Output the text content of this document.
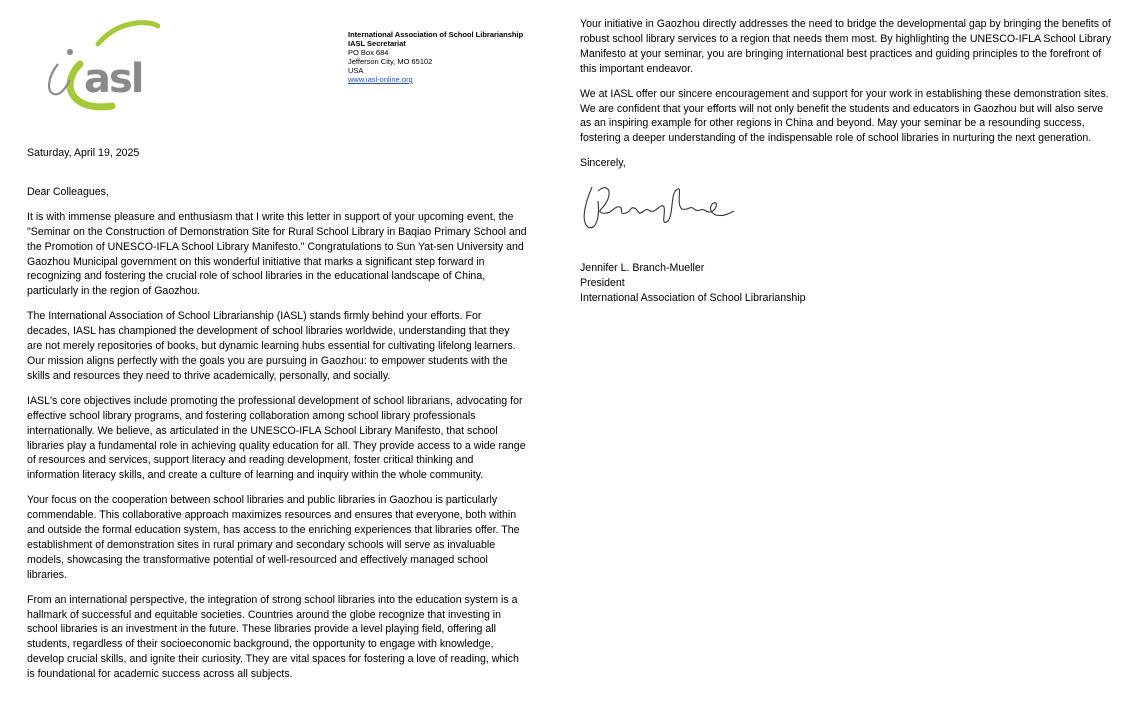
asl
International Association of School Librarianship
IASL Secretariat
PO Box 684
Jefferson City, MO 65102
USA
www.iasl-online.org

Saturday, April 19, 2025

Dear Colleagues,

It is with immense pleasure and enthusiasm that I write this letter in support of your upcoming event, the "Seminar on the Construction of Demonstration Site for Rural School Library in Baqiao Primary School and the Promotion of UNESCO-IFLA School Library Manifesto." Congratulations to Sun Yat-sen University and Gaozhou Municipal government on this wonderful initiative that marks a significant step forward in recognizing and fostering the crucial role of school libraries in the educational landscape of China, particularly in the region of Gaozhou.

The International Association of School Librarianship (IASL) stands firmly behind your efforts. For decades, IASL has championed the development of school libraries worldwide, understanding that they are not merely repositories of books, but dynamic learning hubs essential for cultivating lifelong learners. Our mission aligns perfectly with the goals you are pursuing in Gaozhou: to empower students with the skills and resources they need to thrive academically, personally, and socially.

IASL's core objectives include promoting the professional development of school librarians, advocating for effective school library programs, and fostering collaboration among school library professionals internationally. We believe, as articulated in the UNESCO-IFLA School Library Manifesto, that school libraries play a fundamental role in achieving quality education for all. They provide access to a wide range of resources and services, support literacy and reading development, foster critical thinking and information literacy skills, and create a culture of learning and inquiry within the whole community.

Your focus on the cooperation between school libraries and public libraries in Gaozhou is particularly commendable. This collaborative approach maximizes resources and ensures that everyone, both within and outside the formal education system, has access to the enriching experiences that libraries offer. The establishment of demonstration sites in rural primary and secondary schools will serve as invaluable models, showcasing the transformative potential of well-resourced and effectively managed school libraries.

From an international perspective, the integration of strong school libraries into the education system is a hallmark of successful and equitable societies. Countries around the globe recognize that investing in school libraries is an investment in the future. These libraries provide a level playing field, offering all students, regardless of their socioeconomic background, the opportunity to engage with knowledge, develop crucial skills, and ignite their curiosity. They are vital spaces for fostering a love of reading, which is foundational for academic success across all subjects.

Your initiative in Gaozhou directly addresses the need to bridge the developmental gap by bringing the benefits of robust school library services to a region that needs them most. By highlighting the UNESCO-IFLA School Library Manifesto at your seminar, you are bringing international best practices and guiding principles to the forefront of this important endeavor.

We at IASL offer our sincere encouragement and support for your work in establishing these demonstration sites. We are confident that your efforts will not only benefit the students and educators in Gaozhou but will also serve as an inspiring example for other regions in China and beyond. May your seminar be a resounding success, fostering a deeper understanding of the indispensable role of school libraries in nurturing the next generation.

Sincerely,

Jennifer L. Branch-Mueller

President

International Association of School Librarianship
